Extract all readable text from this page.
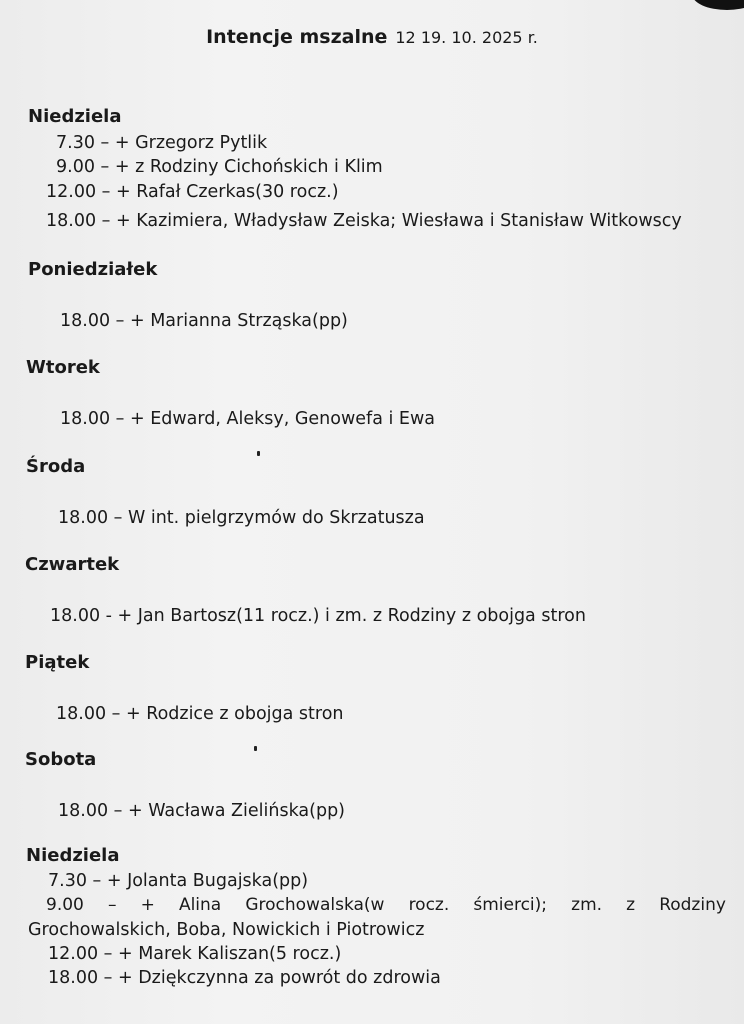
Intencje mszalne 12 19. 10. 2025 r.
Niedziela
7.30 – + Grzegorz Pytlik
9.00 – + z Rodziny Cichońskich i Klim
12.00 – + Rafał Czerkas(30 rocz.)
18.00 – + Kazimiera, Władysław Zeiska; Wiesława i Stanisław Witkowscy
Poniedziałek
18.00 – + Marianna Strząska(pp)
Wtorek
18.00 – + Edward, Aleksy, Genowefa i Ewa
Środa
18.00 – W int. pielgrzymów do Skrzatusza
Czwartek
18.00 - + Jan Bartosz(11 rocz.) i zm. z Rodziny z obojga stron
Piątek
18.00 – + Rodzice z obojga stron
Sobota
18.00 – + Wacława Zielińska(pp)
Niedziela
7.30 – + Jolanta Bugajska(pp)
9.00 – + Alina Grochowalska(w rocz. śmierci); zm. z Rodziny
Grochowalskich, Boba, Nowickich i Piotrowicz
12.00 – + Marek Kaliszan(5 rocz.)
18.00 – + Dziękczynna za powrót do zdrowia
